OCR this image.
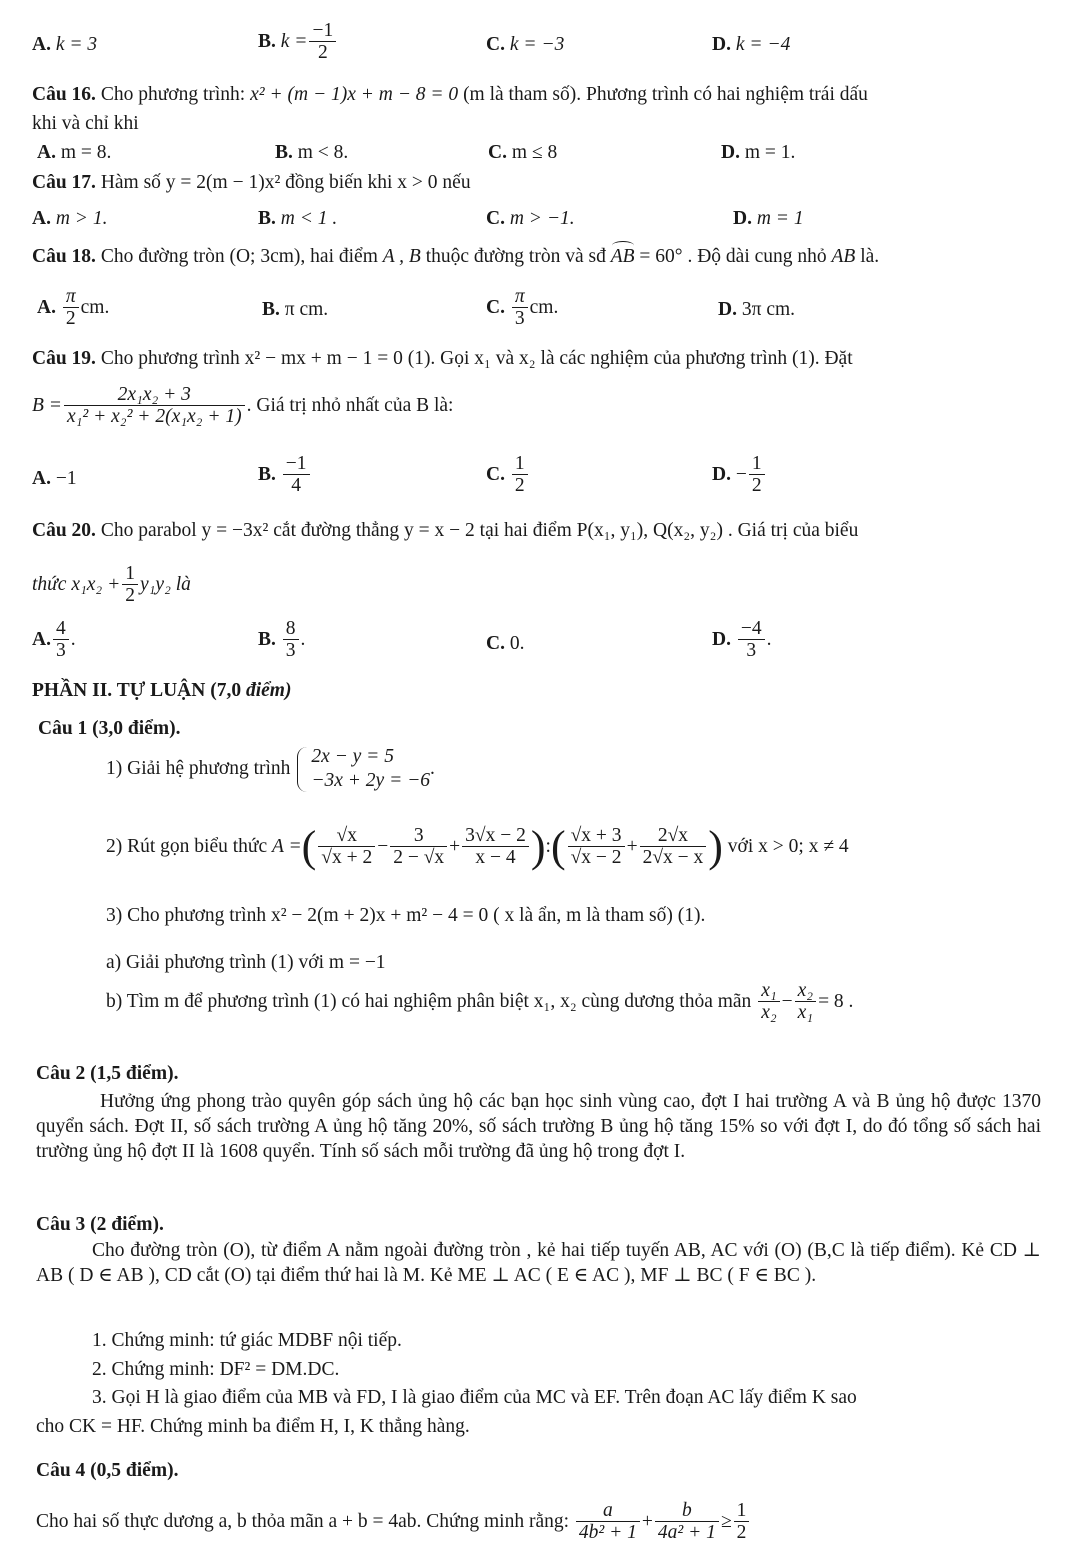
A. k = 3	B. $k = \frac{-1}{2}$	C. k = −3	D. k = −4
Câu 16. Cho phương trình: x² + (m − 1)x + m − 8 = 0 (m là tham số). Phương trình có hai nghiệm trái dấu
khi và chỉ khi
A. m = 8.	B. m < 8.	C. m ≤ 8	D. m = 1.
Câu 17. Hàm số y = 2(m − 1)x² đồng biến khi x > 0 nếu
A. m > 1.	B. m < 1 .	C. m > −1.	D. m = 1
Câu 18. Cho đường tròn (O; 3cm), hai điểm A , B thuộc đường tròn và sđ AB = 60° . Độ dài cung nhỏ AB là.
A. $\frac{\pi}{2}$ cm.	B. π cm.	C. $\frac{\pi}{3}$ cm.	D. 3π cm.
Câu 19. Cho phương trình x² − mx + m − 1 = 0 (1). Gọi x₁ và x₂ là các nghiệm của phương trình (1). Đặt
$B = \frac{\text{2x₁x₂ + 3}}{\text{x₁² + x₂² + 2(x₁x₂ + 1)}}$ . Giá trị nhỏ nhất của B là:
A. −1	B. $\frac{-1}{4}$	C. $\frac{1}{2}$	D. − $\frac{1}{2}$
Câu 20. Cho parabol y = −3x² cắt đường thẳng y = x − 2 tại hai điểm P(x₁, y₁), Q(x₂, y₂) . Giá trị của biểu
thức $x_1x_2 + \frac{1}{2} y_1y_2$ là
A. $\frac{4}{3}$ .	B. $\frac{8}{3}$ .	C. 0.	D. $\frac{-4}{3}$ .
PHẦN II. TỰ LUẬN (7,0 điểm)
Câu 1 (3,0 điểm).
1) Giải hệ phương trình
2x − y = 5
−3x + 2y = −6
.
2) Rút gọn biểu thức A =( $\frac{√x}{√x + 2} - \frac{3}{2 - √x} + \frac{3√x - 2}{x - 4}$ ):( $\frac{√x + 3}{√x - 2} + \frac{2√x}{2√x - x}$ ) với x > 0; x ≠ 4
3) Cho phương trình x² − 2(m + 2)x + m² − 4 = 0 ( x là ẩn, m là tham số) (1).
a) Giải phương trình (1) với m = −1
b) Tìm m để phương trình (1) có hai nghiệm phân biệt x₁, x₂ cùng dương thỏa mãn $\frac{\text{x₁}}{\text{x₂}} - \frac{\text{x₂}}{\text{x₁}} = 8$ .
Câu 2 (1,5 điểm).
Hưởng ứng phong trào quyên góp sách ủng hộ các bạn học sinh vùng cao, đợt I hai trường A và B ủng hộ được 1370 quyển sách. Đợt II, số sách trường A ủng hộ tăng 20%, số sách trường B ủng hộ tăng 15% so với đợt I, do đó tổng số sách hai trường ủng hộ đợt II là 1608 quyển. Tính số sách mỗi trường đã ủng hộ trong đợt I.
Câu 3 (2 điểm).
Cho đường tròn (O), từ điểm A nằm ngoài đường tròn , kẻ hai tiếp tuyến AB, AC với (O) (B,C là tiếp điểm). Kẻ CD ⊥ AB ( D ∈ AB ), CD cắt (O) tại điểm thứ hai là M. Kẻ ME ⊥ AC ( E ∈ AC ), MF ⊥ BC ( F ∈ BC ).
1. Chứng minh: tứ giác MDBF nội tiếp.
2. Chứng minh: DF² = DM.DC.
3. Gọi H là giao điểm của MB và FD, I là giao điểm của MC và EF. Trên đoạn AC lấy điểm K sao
cho CK = HF. Chứng minh ba điểm H, I, K thẳng hàng.
Câu 4 (0,5 điểm).
Cho hai số thực dương a, b thỏa mãn a + b = 4ab. Chứng minh rằng: $\frac{a}{\text{4b² + 1}} + \frac{b}{\text{4a² + 1}} \ge \frac{1}{2}$
